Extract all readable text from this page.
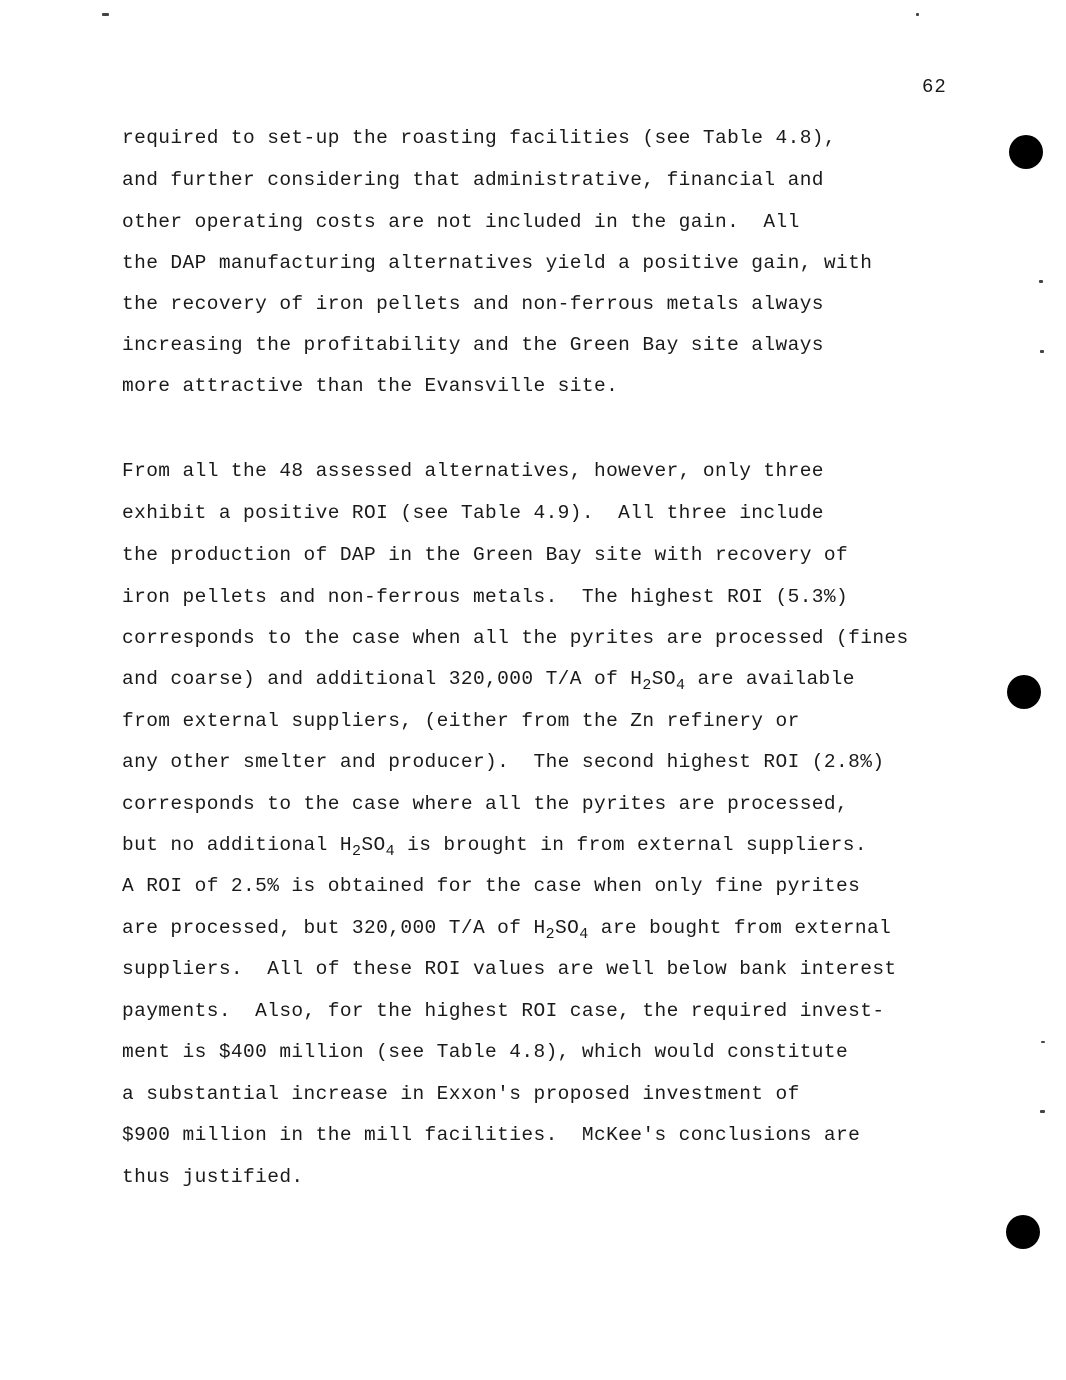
62
required to set-up the roasting facilities (see Table 4.8),
and further considering that administrative, financial and
other operating costs are not included in the gain.  All
the DAP manufacturing alternatives yield a positive gain, with
the recovery of iron pellets and non-ferrous metals always
increasing the profitability and the Green Bay site always
more attractive than the Evansville site.
From all the 48 assessed alternatives, however, only three
exhibit a positive ROI (see Table 4.9).  All three include
the production of DAP in the Green Bay site with recovery of
iron pellets and non-ferrous metals.  The highest ROI (5.3%)
corresponds to the case when all the pyrites are processed (fines
and coarse) and additional 320,000 T/A of $H_2SO_4$ are available
from external suppliers, (either from the Zn refinery or
any other smelter and producer).  The second highest ROI (2.8%)
corresponds to the case where all the pyrites are processed,
but no additional $H_2SO_4$ is brought in from external suppliers.
A ROI of 2.5% is obtained for the case when only fine pyrites
are processed, but 320,000 T/A of $H_2SO_4$ are bought from external
suppliers.  All of these ROI values are well below bank interest
payments.  Also, for the highest ROI case, the required invest-
ment is $400 million (see Table 4.8), which would constitute
a substantial increase in Exxon's proposed investment of
$900 million in the mill facilities.  McKee's conclusions are
thus justified.
